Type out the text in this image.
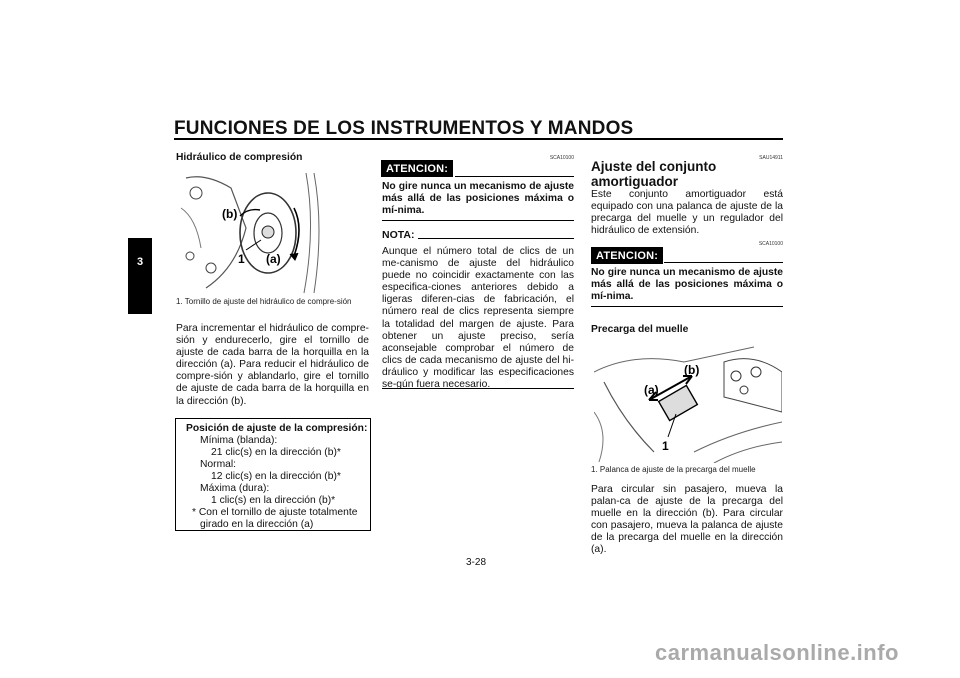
FUNCIONES DE LOS INSTRUMENTOS Y MANDOS
3
Hidráulico de compresión
(b)
(a)
1
1. Tornillo de ajuste del hidráulico de compre-sión
Para incrementar el hidráulico de compre-sión y endurecerlo, gire el tornillo de ajuste de cada barra de la horquilla en la dirección (a). Para reducir el hidráulico de compre-sión y ablandarlo, gire el tornillo de ajuste de cada barra de la horquilla en la dirección (b).
Posición de ajuste de la compresión:
Mínima (blanda):
21 clic(s) en la dirección (b)*
Normal:
12 clic(s) en la dirección (b)*
Máxima (dura):
1 clic(s) en la dirección (b)*
* Con el tornillo de ajuste totalmente
girado en la dirección (a)
SCA10100
ATENCION:
No gire nunca un mecanismo de ajuste más allá de las posiciones máxima o mí-nima.
NOTA:
Aunque el número total de clics de un me-canismo de ajuste del hidráulico puede no coincidir exactamente con las especifica-ciones anteriores debido a ligeras diferen-cias de fabricación, el número real de clics representa siempre la totalidad del margen de ajuste. Para obtener un ajuste preciso, sería aconsejable comprobar el número de clics de cada mecanismo de ajuste del hi-dráulico y modificar las especificaciones se-gún fuera necesario.
SAU14911
Ajuste del conjunto
amortiguador
Este conjunto amortiguador está equipado con una palanca de ajuste de la precarga del muelle y un regulador del hidráulico de extensión.
SCA10100
ATENCION:
No gire nunca un mecanismo de ajuste más allá de las posiciones máxima o mí-nima.
Precarga del muelle
(a)
(b)
1
1. Palanca de ajuste de la precarga del muelle
Para circular sin pasajero, mueva la palan-ca de ajuste de la precarga del muelle en la dirección (b). Para circular con pasajero, mueva la palanca de ajuste de la precarga del muelle en la dirección (a).
3-28
carmanualsonline.info
